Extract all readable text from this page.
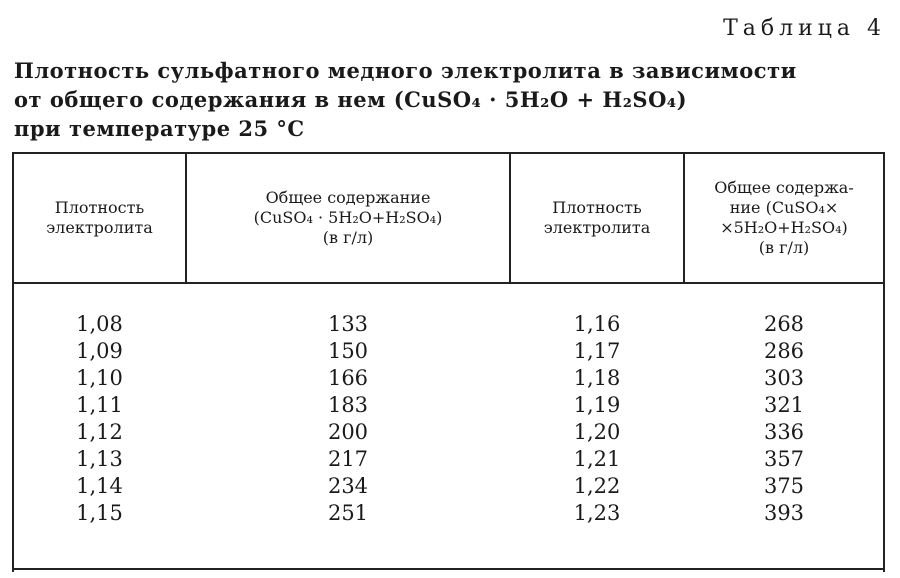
Таблица 4
Плотность сульфатного медного электролита в зависимости
от общего содержания в нем (CuSO₄ · 5H₂O + H₂SO₄)
при температуре 25 °С
Плотность
электролита
Общее содержание
(CuSO₄ · 5H₂O+H₂SO₄)
(в г/л)
Плотность
электролита
Общее содержа-
ние (CuSO₄×
×5H₂O+H₂SO₄)
(в г/л)
1,08
1,09
1,10
1,11
1,12
1,13
1,14
1,15
133
150
166
183
200
217
234
251
1,16
1,17
1,18
1,19
1,20
1,21
1,22
1,23
268
286
303
321
336
357
375
393
